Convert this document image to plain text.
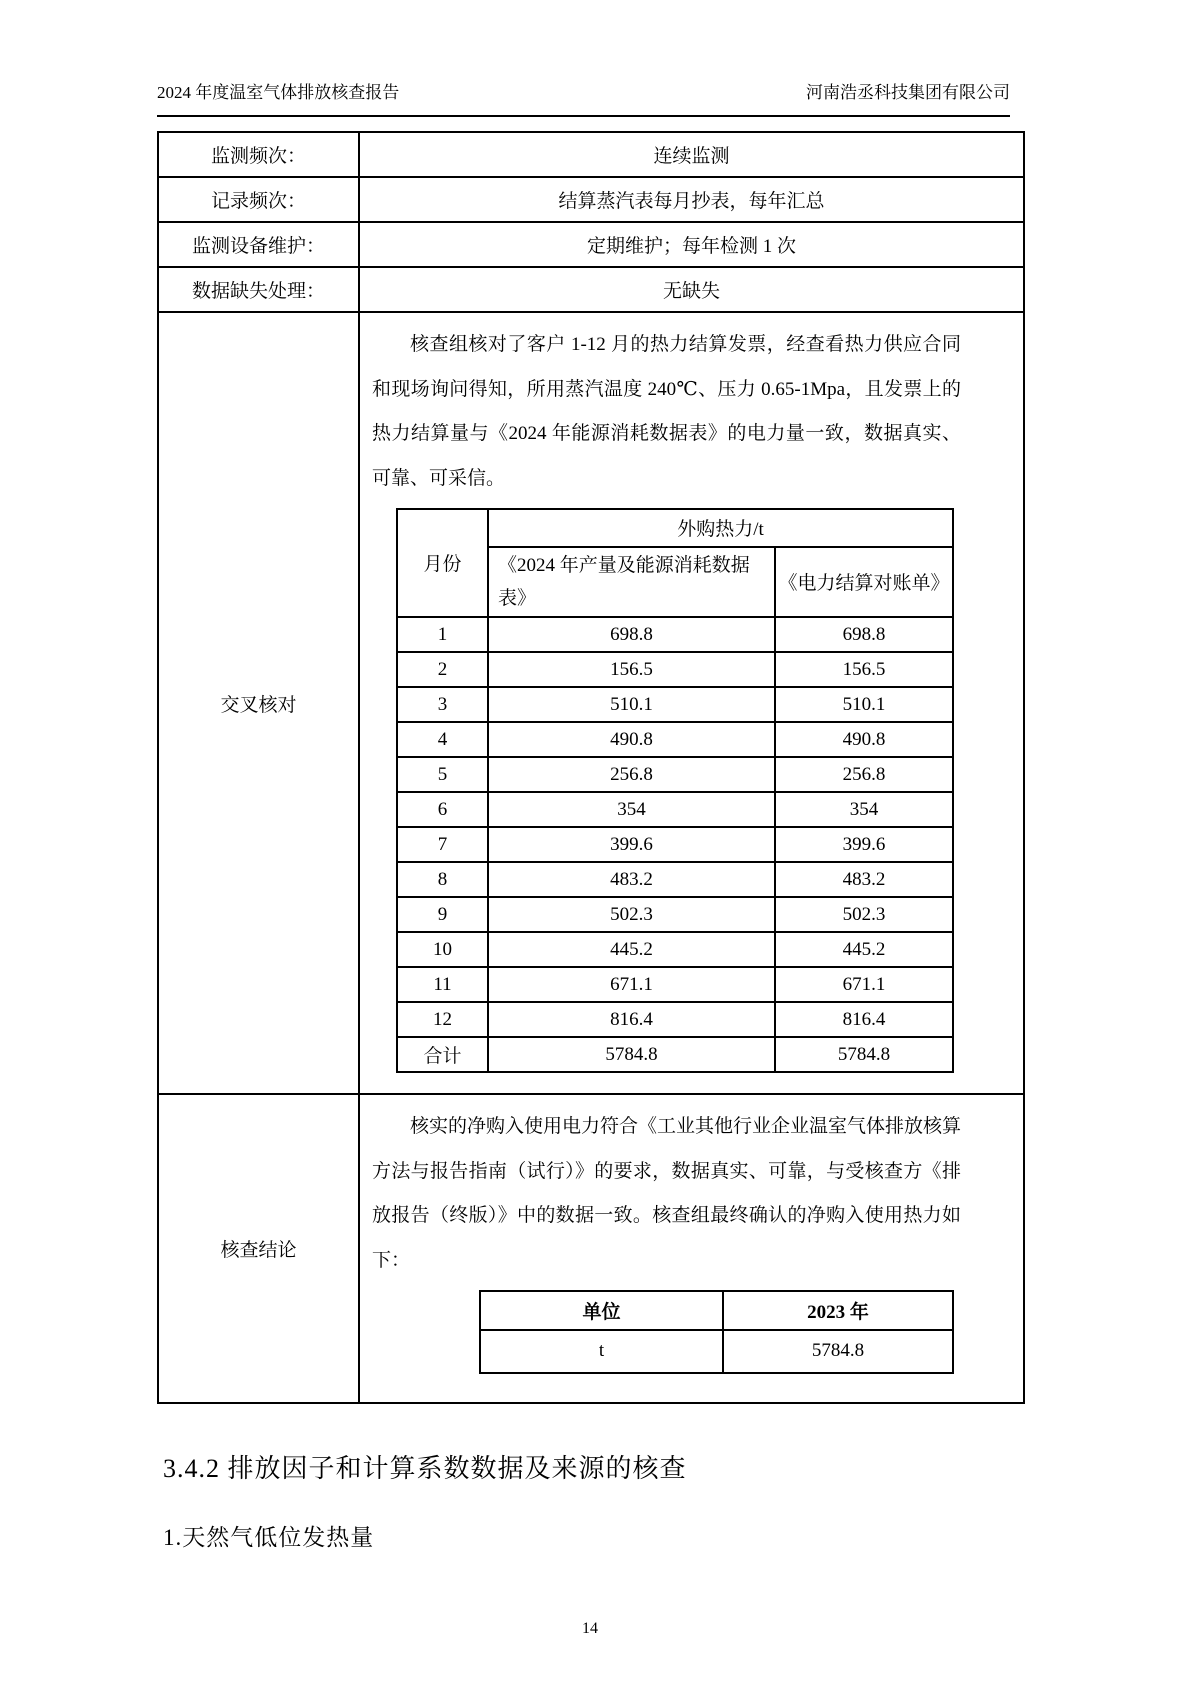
2024 年度温室气体排放核查报告	河南浩丞科技集团有限公司
监测频次：	连续监测
记录频次：	结算蒸汽表每月抄表，每年汇总
监测设备维护：	定期维护；每年检测 1 次
数据缺失处理：	无缺失
交叉核对	

核查组核对了客户 1-12 月的热力结算发票，经查看热力供应合同和现场询问得知，所用蒸汽温度 240℃、压力 0.65-1Mpa，且发票上的热力结算量与《2024 年能源消耗数据表》的电力量一致，数据真实、可靠、可采信。

月份	外购热力/t
《2024 年产量及能源消耗数据表》	《电力结算对账单》
1	698.8	698.8
2	156.5	156.5
3	510.1	510.1
4	490.8	490.8
5	256.8	256.8
6	354	354
7	399.6	399.6
8	483.2	483.2
9	502.3	502.3
10	445.2	445.2
11	671.1	671.1
12	816.4	816.4
合计	5784.8	5784.8

核查结论	

核实的净购入使用电力符合《工业其他行业企业温室气体排放核算方法与报告指南（试行）》的要求，数据真实、可靠，与受核查方《排放报告（终版）》中的数据一致。核查组最终确认的净购入使用热力如下：

单位	2023 年
t	5784.8
3.4.2 排放因子和计算系数数据及来源的核查
1.天然气低位发热量
14
